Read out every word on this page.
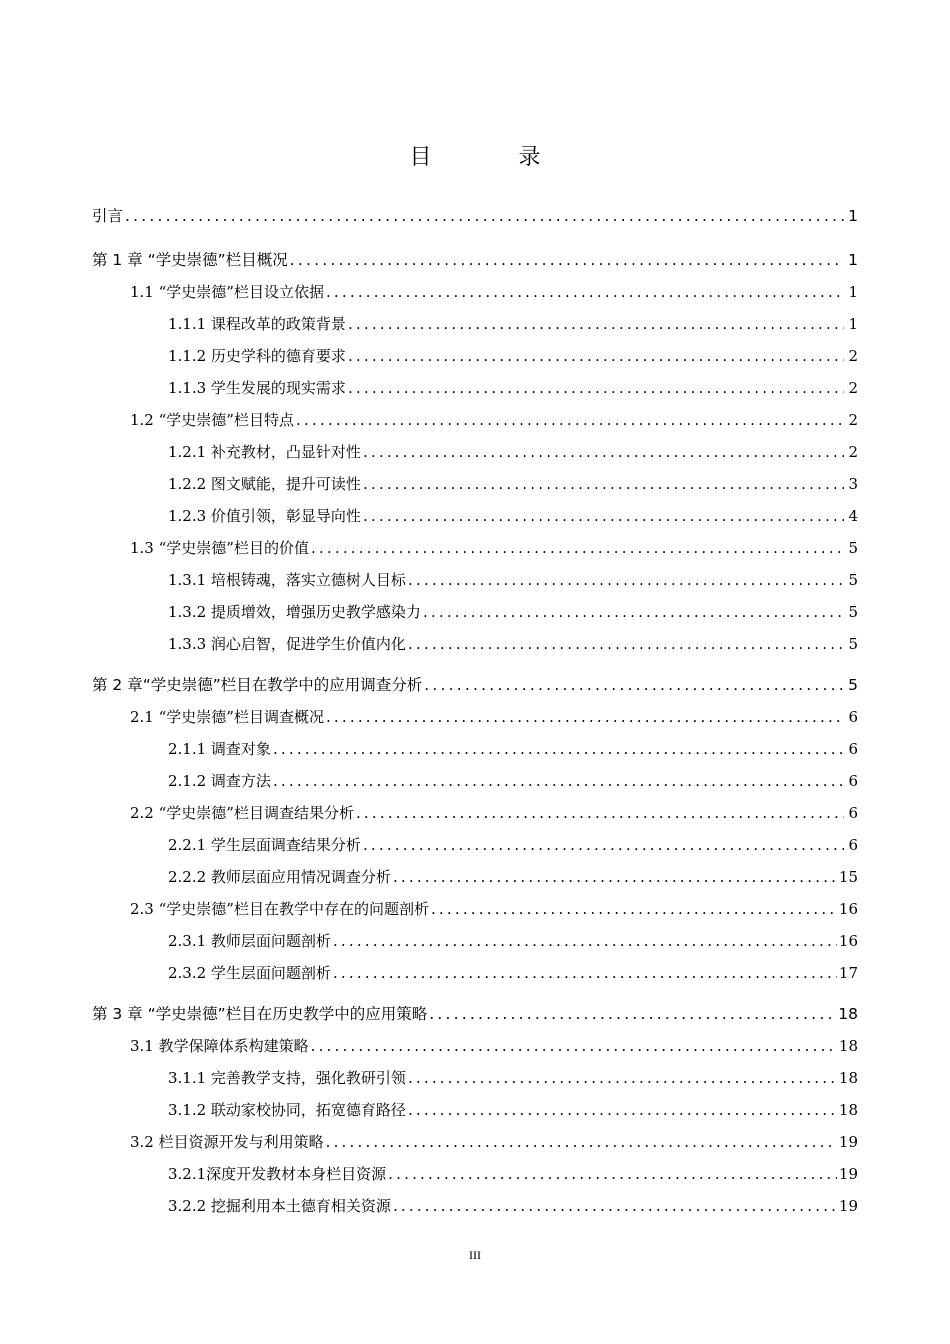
目 录
引言 .....	1
第 1 章 “学史崇德”栏目概况 .....	1
1.1 “学史崇德”栏目设立依据 .....	1
1.1.1 课程改革的政策背景 .....	1
1.1.2 历史学科的德育要求 .....	2
1.1.3 学生发展的现实需求 .....	2
1.2 “学史崇德”栏目特点 .....	2
1.2.1 补充教材，凸显针对性 .....	2
1.2.2 图文赋能，提升可读性 .....	3
1.2.3 价值引领，彰显导向性 .....	4
1.3 “学史崇德”栏目的价值 .....	5
1.3.1 培根铸魂，落实立德树人目标 .....	5
1.3.2 提质增效，增强历史教学感染力 .....	5
1.3.3 润心启智，促进学生价值内化 .....	5
第 2 章“学史崇德”栏目在教学中的应用调查分析 .....	5
2.1 “学史崇德”栏目调查概况 .....	6
2.1.1 调查对象 .....	6
2.1.2 调查方法 .....	6
2.2 “学史崇德”栏目调查结果分析 .....	6
2.2.1 学生层面调查结果分析 .....	6
2.2.2 教师层面应用情况调查分析 .....	15
2.3 “学史崇德”栏目在教学中存在的问题剖析 .....	16
2.3.1 教师层面问题剖析 .....	16
2.3.2 学生层面问题剖析 .....	17
第 3 章 “学史崇德”栏目在历史教学中的应用策略 .....	18
3.1 教学保障体系构建策略 .....	18
3.1.1 完善教学支持，强化教研引领 .....	18
3.1.2 联动家校协同，拓宽德育路径 .....	18
3.2 栏目资源开发与利用策略 .....	19
3.2.1深度开发教材本身栏目资源 .....	19
3.2.2 挖掘利用本土德育相关资源 .....	19
III
